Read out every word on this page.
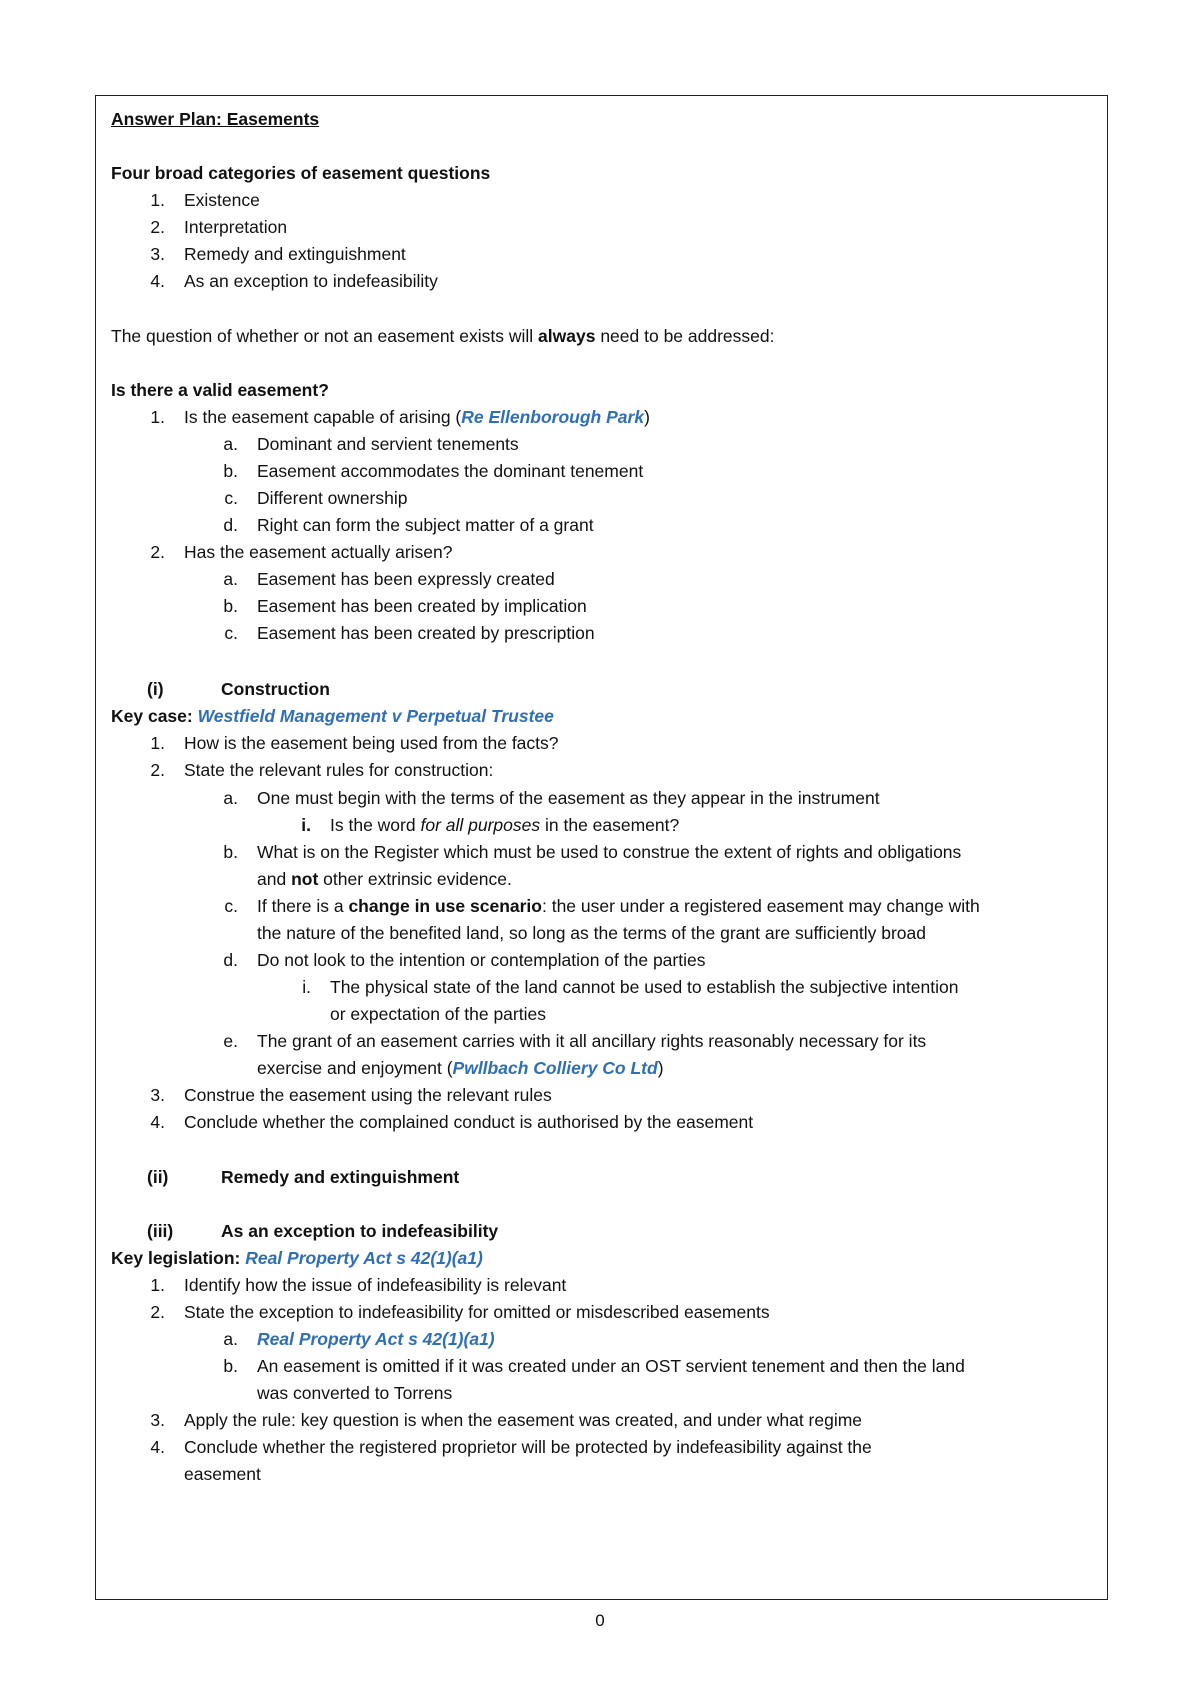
Answer Plan: Easements
Four broad categories of easement questions
1. Existence
2. Interpretation
3. Remedy and extinguishment
4. As an exception to indefeasibility
The question of whether or not an easement exists will always need to be addressed:
Is there a valid easement?
1. Is the easement capable of arising (Re Ellenborough Park)
a. Dominant and servient tenements
b. Easement accommodates the dominant tenement
c. Different ownership
d. Right can form the subject matter of a grant
2. Has the easement actually arisen?
a. Easement has been expressly created
b. Easement has been created by implication
c. Easement has been created by prescription
(i)	Construction
Key case: Westfield Management v Perpetual Trustee
1. How is the easement being used from the facts?
2. State the relevant rules for construction:
a. One must begin with the terms of the easement as they appear in the instrument
i. Is the word for all purposes in the easement?
b. What is on the Register which must be used to construe the extent of rights and obligations
and not other extrinsic evidence.
c. If there is a change in use scenario: the user under a registered easement may change with
the nature of the benefited land, so long as the terms of the grant are sufficiently broad
d. Do not look to the intention or contemplation of the parties
i. The physical state of the land cannot be used to establish the subjective intention
or expectation of the parties
e. The grant of an easement carries with it all ancillary rights reasonably necessary for its
exercise and enjoyment (Pwllbach Colliery Co Ltd)
3. Construe the easement using the relevant rules
4. Conclude whether the complained conduct is authorised by the easement
(ii)	Remedy and extinguishment
(iii)	As an exception to indefeasibility
Key legislation: Real Property Act s 42(1)(a1)
1. Identify how the issue of indefeasibility is relevant
2. State the exception to indefeasibility for omitted or misdescribed easements
a. Real Property Act s 42(1)(a1)
b. An easement is omitted if it was created under an OST servient tenement and then the land
was converted to Torrens
3. Apply the rule: key question is when the easement was created, and under what regime
4. Conclude whether the registered proprietor will be protected by indefeasibility against the
easement
0
